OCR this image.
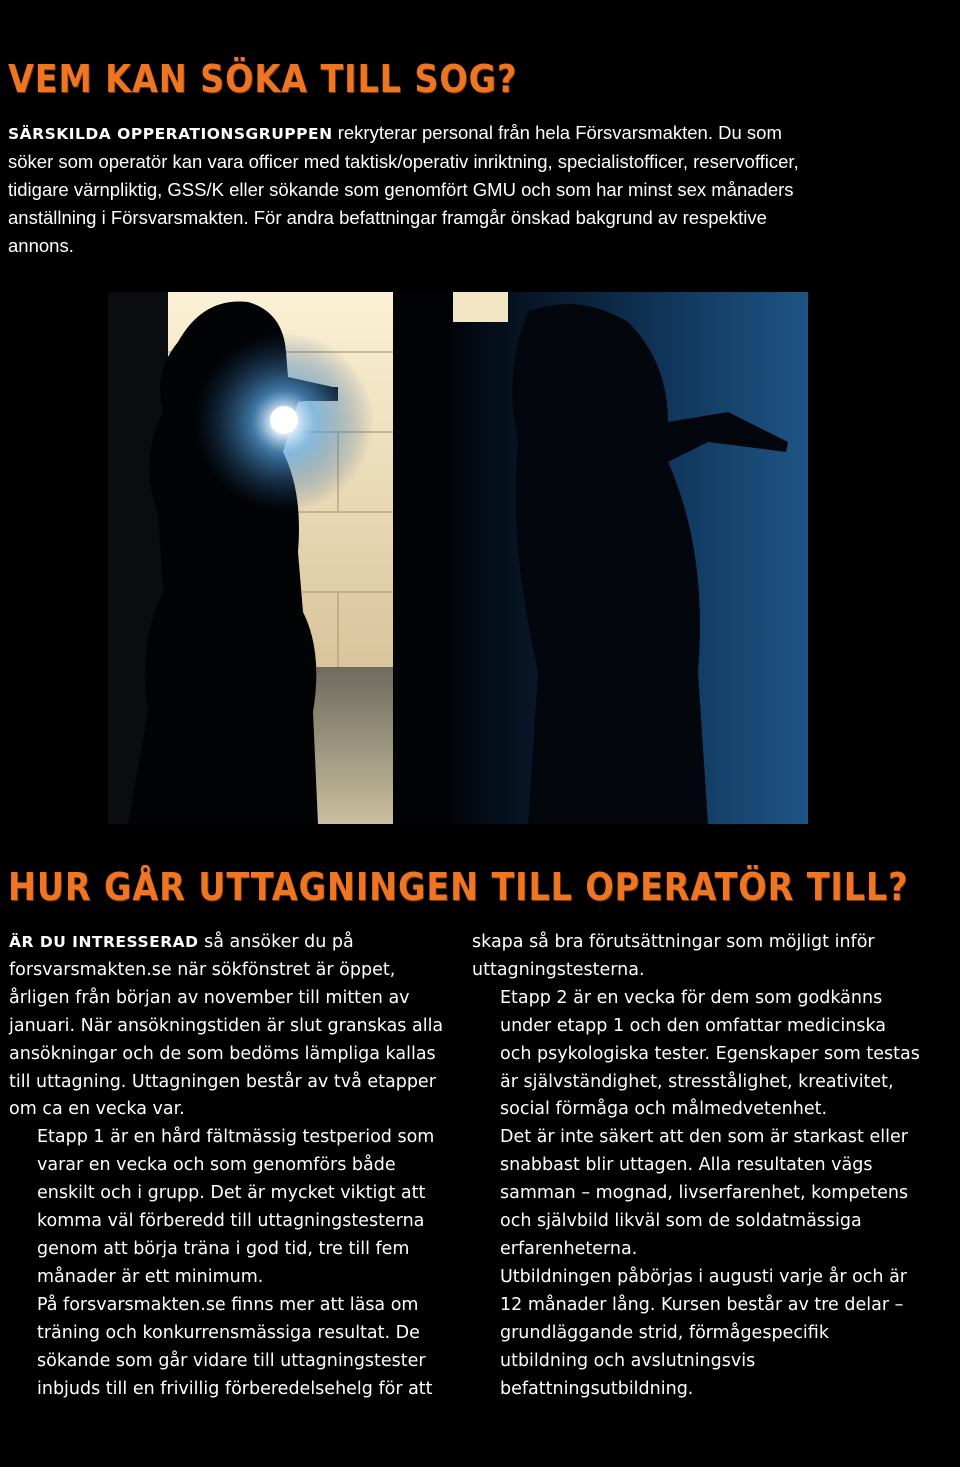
VEM KAN SÖKA TILL SOG?

SÄRSKILDA OPPERATIONSGRUPPEN rekryterar personal från hela Försvarsmakten. Du som söker som operatör kan vara officer med taktisk/operativ inriktning, specialistofficer, reservofficer, tidigare värnpliktig, GSS/K eller sökande som genomfört GMU och som har minst sex månaders anställning i Försvarsmakten. För andra befattningar framgår önskad bakgrund av respektive annons.

HUR GÅR UTTAGNINGEN TILL OPERATÖR TILL?
ÄR DU INTRESSERAD så ansöker du på forsvarsmakten.se när sökfönstret är öppet, årligen från början av november till mitten av januari. När ansökningstiden är slut granskas alla ansökningar och de som bedöms lämpliga kallas till uttagning. Uttagningen består av två etapper om ca en vecka var.
Etapp 1 är en hård fältmässig testperiod som varar en vecka och som genomförs både enskilt och i grupp. Det är mycket viktigt att komma väl förberedd till uttagningstesterna genom att börja träna i god tid, tre till fem månader är ett minimum.
På forsvarsmakten.se finns mer att läsa om träning och konkurrensmässiga resultat. De sökande som går vidare till uttagningstester inbjuds till en frivillig förberedelsehelg för att
skapa så bra förutsättningar som möjligt inför uttagningstesterna.
Etapp 2 är en vecka för dem som godkänns under etapp 1 och den omfattar medicinska och psykologiska tester. Egenskaper som testas är självständighet, stresstålighet, kreativitet, social förmåga och målmedvetenhet.
Det är inte säkert att den som är starkast eller snabbast blir uttagen. Alla resultaten vägs samman – mognad, livserfarenhet, kompetens och självbild likväl som de soldatmässiga erfarenheterna.
Utbildningen påbörjas i augusti varje år och är 12 månader lång. Kursen består av tre delar – grundläggande strid, förmågespecifik utbildning och avslutningsvis befattningsutbildning.
